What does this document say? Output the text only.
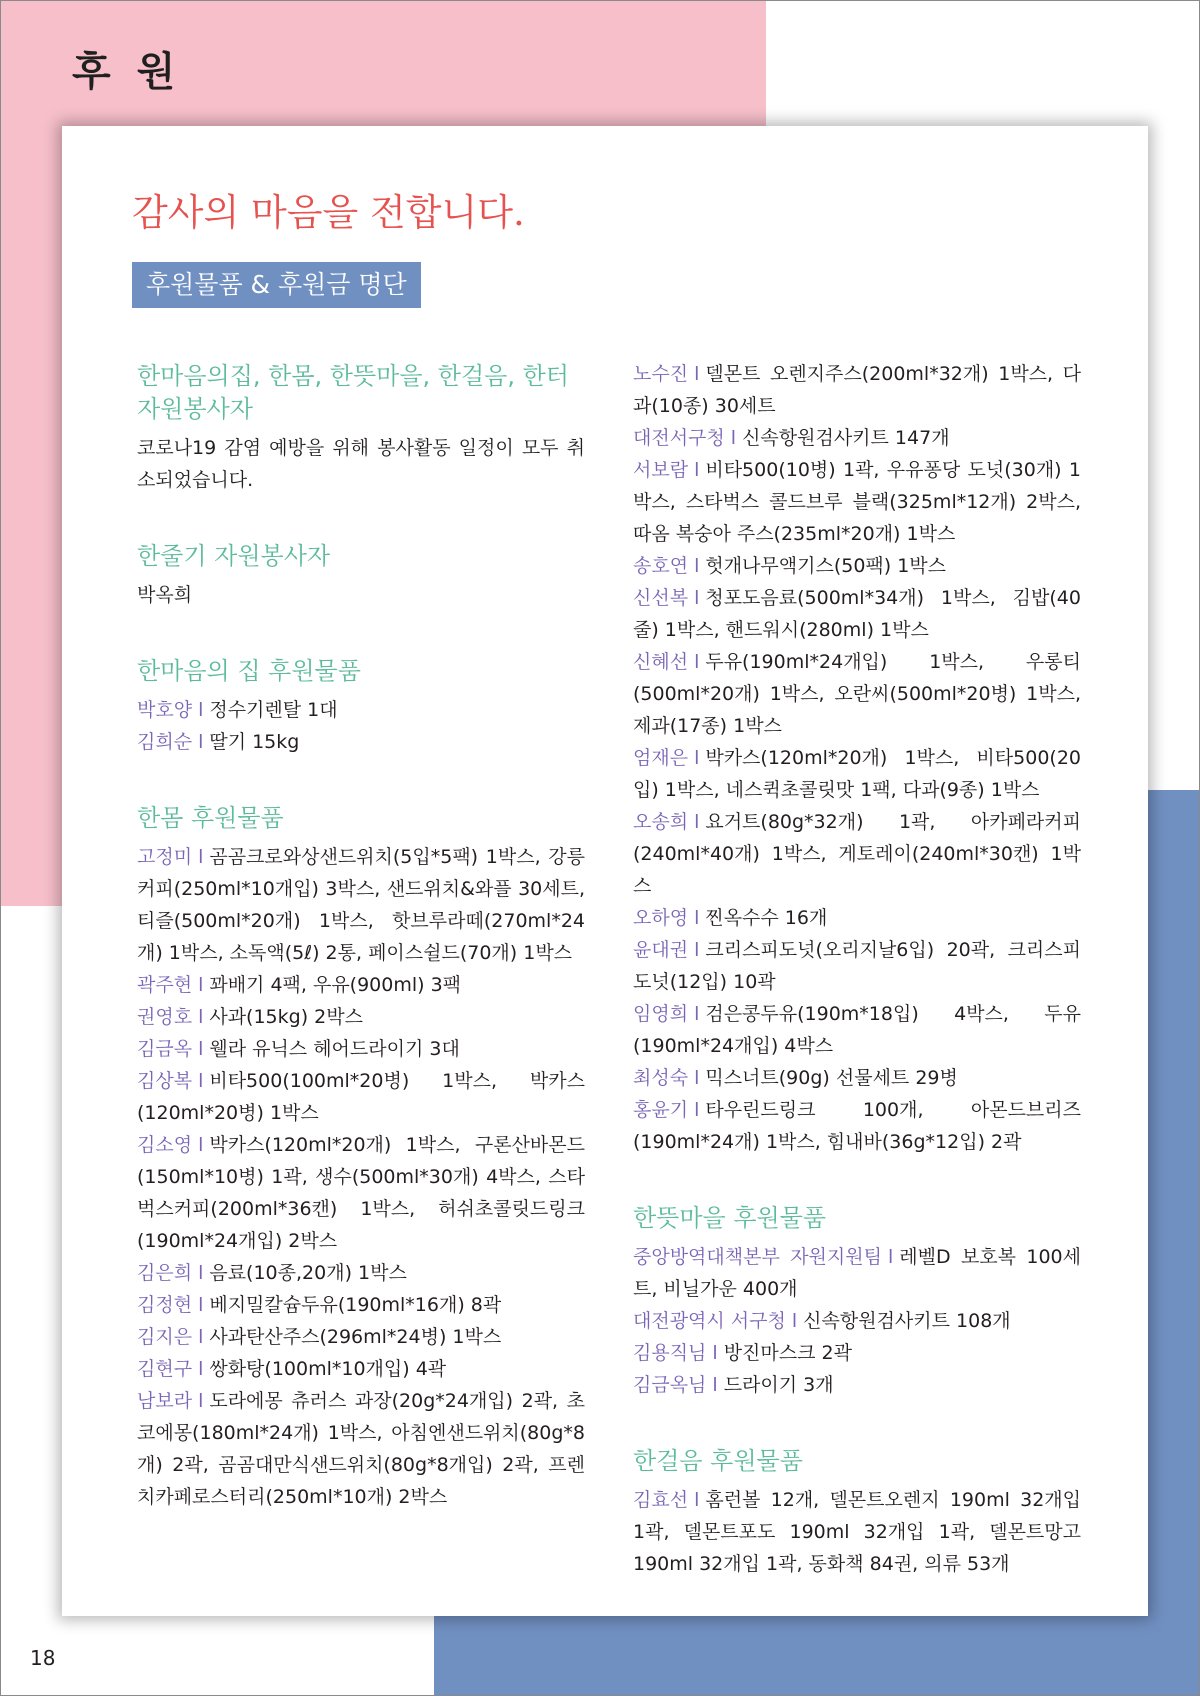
후 원
감사의 마음을 전합니다.
후원물품 & 후원금 명단
한마음의집, 한몸, 한뜻마을, 한걸음, 한터 자원봉사자

코로나19 감염 예방을 위해 봉사활동 일정이 모두 취소되었습니다.

한줄기 자원봉사자

박옥희

한마음의 집 후원물품

박호양 l 정수기렌탈 1대

김희순 l 딸기 15kg

한몸 후원물품

고정미 l 곰곰크로와상샌드위치(5입*5팩) 1박스, 강릉커피(250ml*10개입) 3박스, 샌드위치&와플 30세트, 티즐(500ml*20개) 1박스, 핫브루라떼(270ml*24개) 1박스, 소독액(5ℓ) 2통, 페이스쉴드(70개) 1박스

곽주현 l 꽈배기 4팩, 우유(900ml) 3팩

권영호 l 사과(15kg) 2박스

김금옥 l 웰라 유닉스 헤어드라이기 3대

김상복 l 비타500(100ml*20병) 1박스, 박카스(120ml*20병) 1박스

김소영 l 박카스(120ml*20개) 1박스, 구론산바몬드(150ml*10병) 1곽, 생수(500ml*30개) 4박스, 스타벅스커피(200ml*36캔) 1박스, 허쉬초콜릿드링크(190ml*24개입) 2박스

김은희 l 음료(10종,20개) 1박스

김정현 l 베지밀칼슘두유(190ml*16개) 8곽

김지은 l 사과탄산주스(296ml*24병) 1박스

김현구 l 쌍화탕(100ml*10개입) 4곽

남보라 l 도라에몽 츄러스 과장(20g*24개입) 2곽, 초코에몽(180ml*24개) 1박스, 아침엔샌드위치(80g*8개) 2곽, 곰곰대만식샌드위치(80g*8개입) 2곽, 프렌치카페로스터리(250ml*10개) 2박스

노수진 l 델몬트 오렌지주스(200ml*32개) 1박스, 다과(10종) 30세트

대전서구청 l 신속항원검사키트 147개

서보람 l 비타500(10병) 1곽, 우유퐁당 도넛(30개) 1박스, 스타벅스 콜드브루 블랙(325ml*12개) 2박스, 따옴 복숭아 주스(235ml*20개) 1박스

송호연 l 헛개나무액기스(50팩) 1박스

신선복 l 청포도음료(500ml*34개) 1박스, 김밥(40줄) 1박스, 핸드워시(280ml) 1박스

신혜선 l 두유(190ml*24개입) 1박스, 우롱티(500ml*20개) 1박스, 오란씨(500ml*20병) 1박스, 제과(17종) 1박스

엄재은 l 박카스(120ml*20개) 1박스, 비타500(20입) 1박스, 네스퀵초콜릿맛 1팩, 다과(9종) 1박스

오송희 l 요거트(80g*32개) 1곽, 아카페라커피(240ml*40개) 1박스, 게토레이(240ml*30캔) 1박스

오하영 l 찐옥수수 16개

윤대권 l 크리스피도넛(오리지날6입) 20곽, 크리스피도넛(12입) 10곽

임영희 l 검은콩두유(190m*18입) 4박스, 두유(190ml*24개입) 4박스

최성숙 l 믹스너트(90g) 선물세트 29병

홍윤기 l 타우린드링크 100개, 아몬드브리즈(190ml*24개) 1박스, 힘내바(36g*12입) 2곽

한뜻마을 후원물품

중앙방역대책본부 자원지원팀 l 레벨D 보호복 100세트, 비닐가운 400개

대전광역시 서구청 l 신속항원검사키트 108개

김용직님 l 방진마스크 2곽

김금옥님 l 드라이기 3개

한걸음 후원물품

김효선 l 홈런볼 12개, 델몬트오렌지 190ml 32개입 1곽, 델몬트포도 190ml 32개입 1곽, 델몬트망고 190ml 32개입 1곽, 동화책 84권, 의류 53개

18
